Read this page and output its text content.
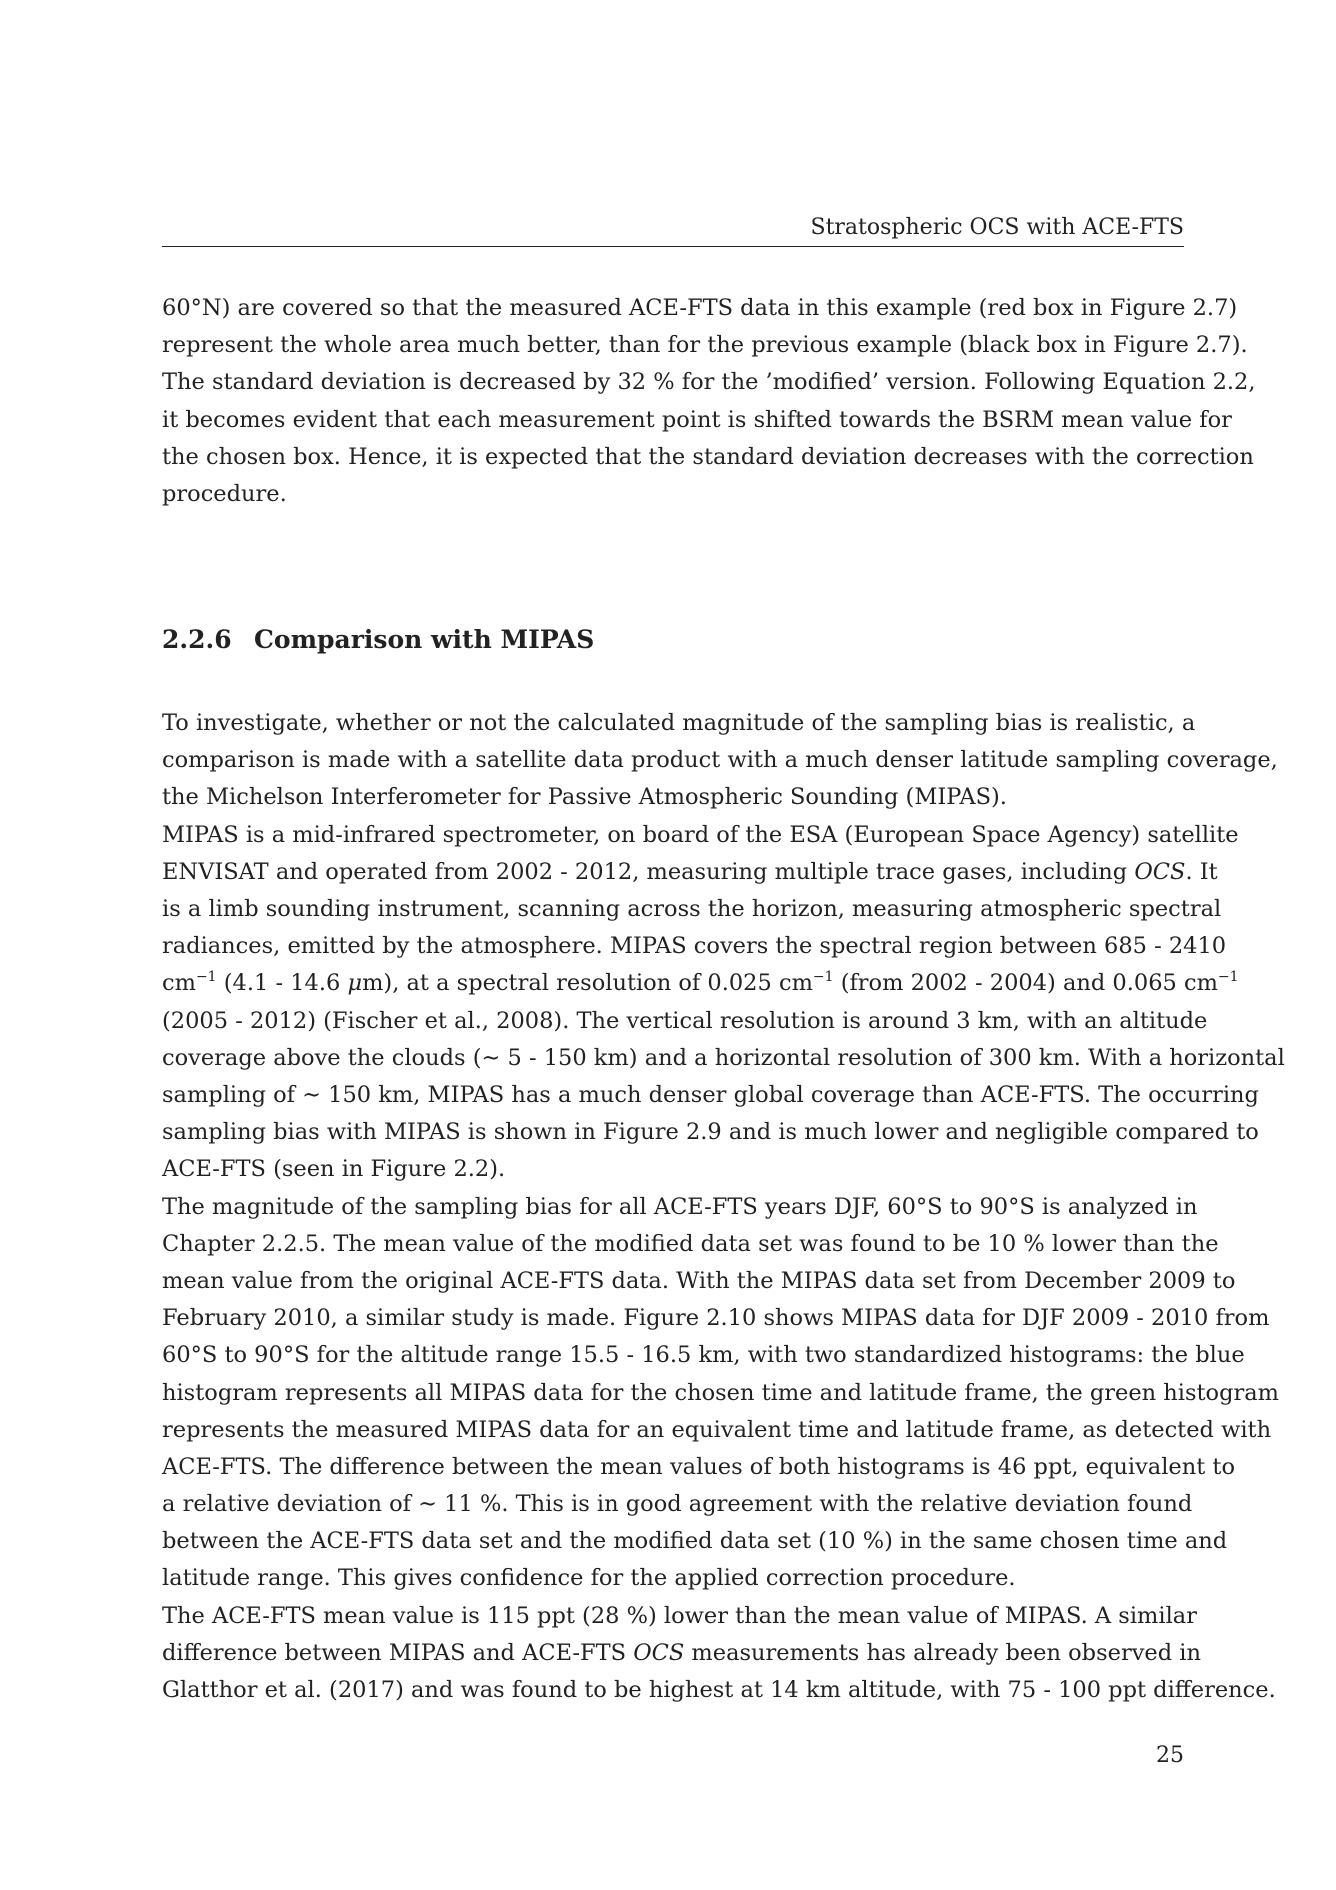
Stratospheric OCS with ACE-FTS

60°N) are covered so that the measured ACE-FTS data in this example (red box in Figure 2.7)
represent the whole area much better, than for the previous example (black box in Figure 2.7).
The standard deviation is decreased by 32 % for the ’modified’ version. Following Equation 2.2,
it becomes evident that each measurement point is shifted towards the BSRM mean value for
the chosen box. Hence, it is expected that the standard deviation decreases with the correction
procedure.

2.2.6 Comparison with MIPAS

To investigate, whether or not the calculated magnitude of the sampling bias is realistic, a
comparison is made with a satellite data product with a much denser latitude sampling coverage,
the Michelson Interferometer for Passive Atmospheric Sounding (MIPAS).

MIPAS is a mid-infrared spectrometer, on board of the ESA (European Space Agency) satellite
ENVISAT and operated from 2002 - 2012, measuring multiple trace gases, including OCS. It
is a limb sounding instrument, scanning across the horizon, measuring atmospheric spectral
radiances, emitted by the atmosphere. MIPAS covers the spectral region between 685 - 2410
$cm^{-1}$ (4.1 - 14.6 μm), at a spectral resolution of 0.025 $cm^{-1}$ (from 2002 - 2004) and 0.065 $cm^{-1}$
(2005 - 2012) (Fischer et al., 2008). The vertical resolution is around 3 km, with an altitude
coverage above the clouds (∼ 5 - 150 km) and a horizontal resolution of 300 km. With a horizontal
sampling of ∼ 150 km, MIPAS has a much denser global coverage than ACE-FTS. The occurring
sampling bias with MIPAS is shown in Figure 2.9 and is much lower and negligible compared to
ACE-FTS (seen in Figure 2.2).

The magnitude of the sampling bias for all ACE-FTS years DJF, 60°S to 90°S is analyzed in
Chapter 2.2.5. The mean value of the modified data set was found to be 10 % lower than the
mean value from the original ACE-FTS data. With the MIPAS data set from December 2009 to
February 2010, a similar study is made. Figure 2.10 shows MIPAS data for DJF 2009 - 2010 from
60°S to 90°S for the altitude range 15.5 - 16.5 km, with two standardized histograms: the blue
histogram represents all MIPAS data for the chosen time and latitude frame, the green histogram
represents the measured MIPAS data for an equivalent time and latitude frame, as detected with
ACE-FTS. The difference between the mean values of both histograms is 46 ppt, equivalent to
a relative deviation of ∼ 11 %. This is in good agreement with the relative deviation found
between the ACE-FTS data set and the modified data set (10 %) in the same chosen time and
latitude range. This gives confidence for the applied correction procedure.

The ACE-FTS mean value is 115 ppt (28 %) lower than the mean value of MIPAS. A similar
difference between MIPAS and ACE-FTS OCS measurements has already been observed in
Glatthor et al. (2017) and was found to be highest at 14 km altitude, with 75 - 100 ppt difference.

25
